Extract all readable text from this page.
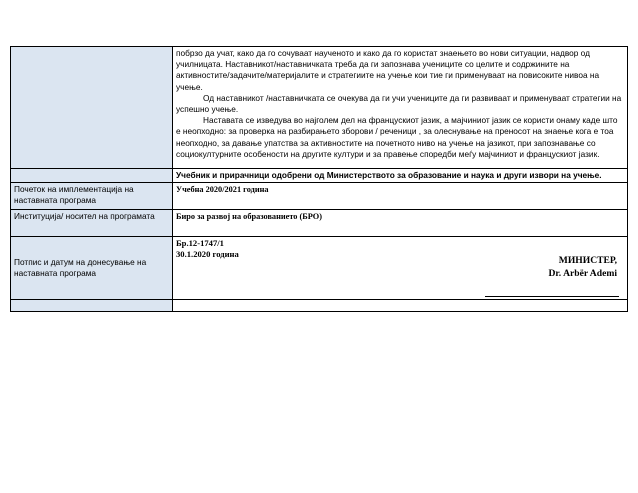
	побрзо да учат, како да го сочуваат наученото и како да го користат знаењето во нови ситуации, надвор од училницата. Наставникот/наставничката треба да ги запознава учениците со целите и содржините на активностите/задачите/материјалите и стратегиите на учење кои тие ги применуваат на повисоките нивоа на учење.

Од наставникот /наставничката се очекува да ги учи учениците да ги развиваат и применуваат стратегии на успешно учење.

Наставата се изведува во најголем дел на францускиот јазик, а мајчиниот јазик се користи онаму каде што е неопходно: за проверка на разбирањето зборови / реченици , за олеснување на преносот на знаење кога е тоа неопходно, за давање упатства за активностите на почетното ниво на учење на јазикот, при запознавање со социокултурните особености на другите култури и за правење споредби меѓу мајчиниот и францускиот јазик.

	Учебник и прирачници одобрени од Министерството за образование и наука и други извори на учење.
Почеток на имплементација на наставната програма	Учебна 2020/2021 година
Институција/ носител на програмата	Биро за развој на образованието (БРО)
Потпис и датум на донесување на наставната програма	Бр.12-1747/1
30.1.2020 година
МИНИСТЕР,
Dr. Arbër Ademi
